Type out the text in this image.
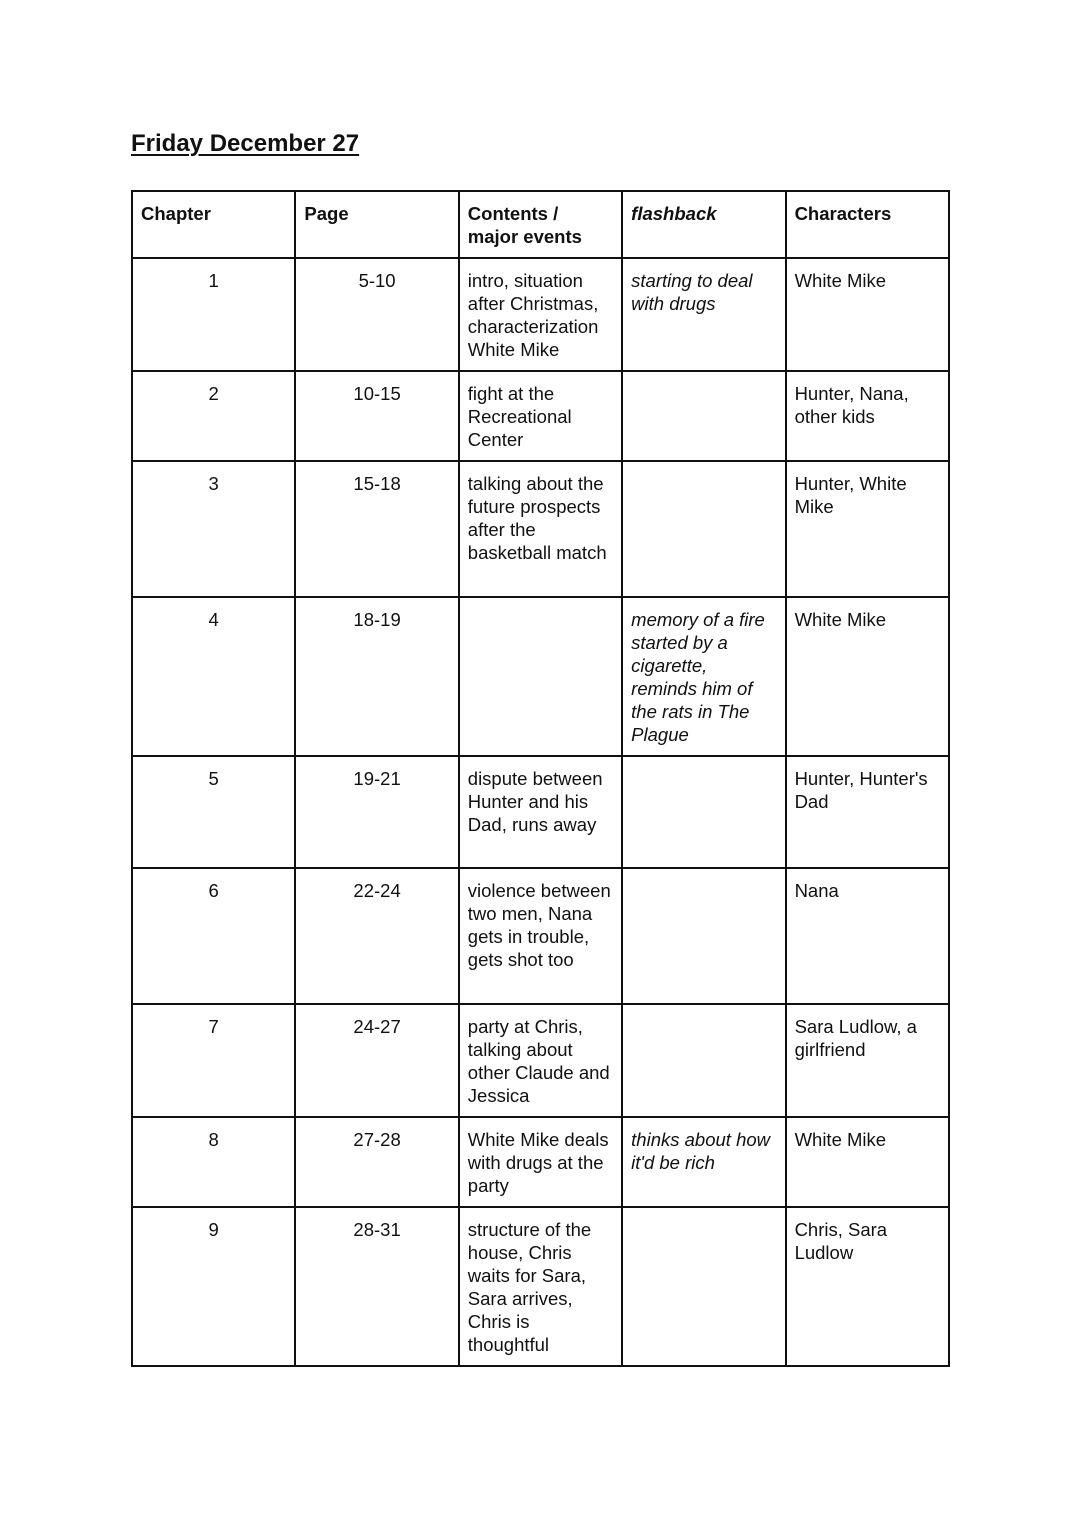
Friday December 27
Chapter	Page	Contents / major events	flashback	Characters
1	5-10	intro, situation after Christmas, characterization White Mike	starting to deal with drugs	White Mike
2	10-15	fight at the Recreational Center		Hunter, Nana, other kids
3	15-18	talking about the future prospects after the basketball match		Hunter, White Mike
4	18-19		memory of a fire started by a cigarette, reminds him of the rats in The Plague	White Mike
5	19-21	dispute between Hunter and his Dad, runs away		Hunter, Hunter's Dad
6	22-24	violence between two men, Nana gets in trouble, gets shot too		Nana
7	24-27	party at Chris, talking about other Claude and Jessica		Sara Ludlow, a girlfriend
8	27-28	White Mike deals with drugs at the party	thinks about how it'd be rich	White Mike
9	28-31	structure of the house, Chris waits for Sara, Sara arrives, Chris is thoughtful		Chris, Sara Ludlow
